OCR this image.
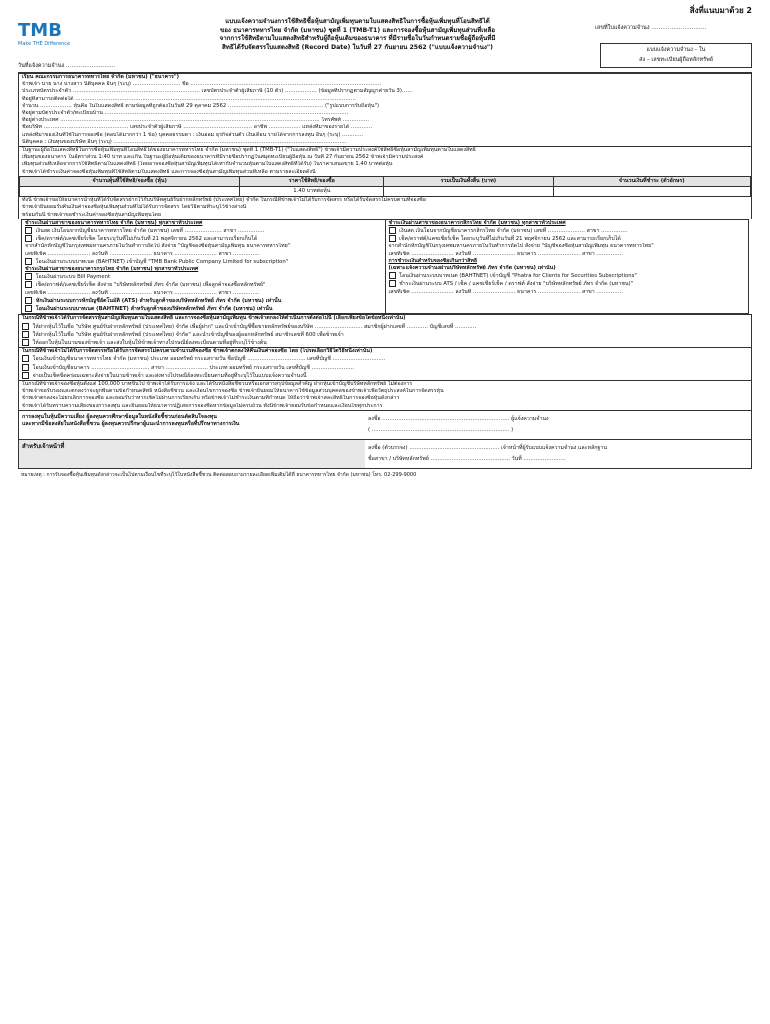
สิ่งที่แนบมาด้วย 2
TMB
Make THE Difference
วันที่แจ้งความจำนง ………………………
แบบแจ้งความจำนงการใช้สิทธิซื้อหุ้นสามัญเพิ่มทุนตามใบแสดงสิทธิในการซื้อหุ้นเพิ่มทุนที่โอนสิทธิได้
ของ ธนาคารทหารไทย จำกัด (มหาชน) ชุดที่ 1 (TMB-T1) และการจองซื้อหุ้นสามัญเพิ่มทุนส่วนที่เหลือ
จากการใช้สิทธิตามใบแสดงสิทธิสำหรับผู้ถือหุ้นเดิมของธนาคาร ที่มีรายชื่อในวันกำหนดรายชื่อผู้ถือหุ้นที่มี
สิทธิได้รับจัดสรรใบแสดงสิทธิ (Record Date) ในวันที่ 27 กันยายน 2562 ("แบบแจ้งความจำนง")
เลขที่ใบแจ้งความจำนง …………………………
แบบแจ้งความจำนง – ใน
ส่ง – เลขทะเบียนผู้ถือหลักทรัพย์
เรียน คณะกรรมการธนาคารทหารไทย จำกัด (มหาชน) ("ธนาคาร")
ข้าพเจ้า นาย นาง นางสาว นิติบุคคล อื่นๆ (ระบุ) ……………………… ชื่อ ………………………………………………………………………………………………
ประเภทบัตรประจำตัว ……………………………………………………………… เลขบัตรประจำตัวผู้เสียภาษี (10 ตัว) ……………… (ข้อมูลที่ปรากฏตามสัญญาค่ายวัน 3)……
ที่อยู่ที่สามารถติดต่อได้ ……………………………………………………………………………………………………………………………………………
จำนวน ……………… หุ้นคือ ในใบแสดงสิทธิ ตามข้อมูลที่ถูกต้องในวันที่ 29 ตุลาคม 2562 ……………………………………………… ("รูปแบบการรับถือหุ้น")
ที่อยู่ตามบัตรประจำตัว/ทะเบียนบ้าน …………………………………………………………………………………………………………………………
ที่อยู่ต่างประเทศ ………………………………………………………………………………………………………………………………… โทรศัพท์ ……………
ชื่อบริษัท ………………………………………… เลขประจำตัวผู้เสียภาษี ………………………………… อาชีพ ……………… แหล่งที่มาของรายได้ …………
แหล่งที่มาของเงินที่ใช้ในการจองซื้อ (ตอบได้มากกว่า 1 ข้อ) บุคคลธรรมดา : เงินออม ธุรกิจส่วนตัว เงินเดือน รายได้จากการลงทุน อื่นๆ (ระบุ) …………
นิติบุคคล : เงินทุนของบริษัท อื่นๆ (ระบุ) ……………………………………………………………………………………………………………………
ในฐานะผู้ถือใบแสดงสิทธิในการซื้อหุ้นเพิ่มทุนที่โอนสิทธิได้ของธนาคารทหารไทย จำกัด (มหาชน) ชุดที่ 1 (TMB-T1) ("ใบแสดงสิทธิ") ข้าพเจ้ามีความประสงค์ใช้สิทธิซื้อหุ้นสามัญเพิ่มทุนตามใบแสดงสิทธิ
เพิ่มทุนของธนาคาร ในอัตราส่วน 1:40 บาท และเกิน ในฐานะผู้ถือหุ้นเดิมของธนาคารที่มีรายชื่อปรากฏในสมุดทะเบียนผู้ถือหุ้น ณ วันที่ 27 กันยายน 2562 ข้าพเจ้ามีความประสงค์
เพิ่มทุนส่วนที่เหลือจากการใช้สิทธิตามใบแสดงสิทธิ (โดยอาจจองซื้อหุ้นสามัญเพิ่มทุนได้เท่ากับจำนวนหุ้นตามใบแสดงสิทธิที่ได้รับ) ในราคาเสนอขาย 1.40 บาทต่อหุ้น
ข้าพเจ้าได้ชำระเงินค่าจองซื้อหุ้นเพิ่มทุนที่ใช้สิทธิตามใบแสดงสิทธิ และการจองซื้อหุ้นสามัญเพิ่มทุนส่วนที่เหลือ ตามรายละเอียดดังนี้
จำนวนหุ้นที่ใช้สิทธิ/จองซื้อ (หุ้น)	ราคาใช้สิทธิ/จองซื้อ	รวมเป็นเงินทั้งสิ้น (บาท)	จำนวนเงินที่ชำระ (ตัวอักษร)
	1.40 บาทต่อหุ้น		
ทั้งนี้ ข้าพเจ้าขอให้ธนาคารนำหุ้นที่ได้รับจัดสรรฝากไว้กับบริษัทศูนย์รับฝากหลักทรัพย์ (ประเทศไทย) จำกัด ในกรณีที่ข้าพเจ้าไม่ได้รับการจัดสรร หรือได้รับจัดสรรไม่ครบตามที่จองซื้อ
ข้าพเจ้ายินยอมรับคืนเงินค่าจองซื้อหุ้นเพิ่มทุนส่วนที่ไม่ได้รับการจัดสรร โดยวิธีตามที่ระบุไว้ข้างล่างนี้
พร้อมกันนี้ ข้าพเจ้าขอชำระเงินค่าจองซื้อหุ้นสามัญเพิ่มทุนโดย
ชำระเงินผ่านสาขาของธนาคารทหารไทย จำกัด (มหาชน) ทุกสาขาทั่วประเทศ
เงินสด เงินโอนจากบัญชีธนาคารทหารไทย จำกัด (มหาชน) เลขที่ ………………… สาขา ……………
เช็ค/ดราฟต์/แคชเชียร์เช็ค โดยระบุวันที่ไม่เกินวันที่ 21 พฤศจิกายน 2562 และสามารถเรียกเก็บได้
จากสำนักหักบัญชีในกรุงเทพมหานครภายในวันทำการถัดไป สั่งจ่าย "บัญชีจองซื้อหุ้นสามัญเพิ่มทุน ธนาคารทหารไทย"
เลขที่เช็ค …………………… ลงวันที่ …………………… ธนาคาร …………………… สาขา ……………
โอนเงินผ่านระบบบาทเนต (BAHTNET) เข้าบัญชี "TMB Bank Public Company Limited for subscription"
ชำระเงินผ่านสาขาของธนาคารกรุงไทย จำกัด (มหาชน) ทุกสาขาทั่วประเทศ
โอนเงินผ่านระบบ Bill Payment
เช็ค/ดราฟต์/แคชเชียร์เช็ค สั่งจ่าย "บริษัทหลักทรัพย์ ภัทร จำกัด (มหาชน) เพื่อลูกค้าจองซื้อหลักทรัพย์"
เลขที่เช็ค …………………… ลงวันที่ …………………… ธนาคาร …………………… สาขา ……………
หักเงินผ่านระบบการหักบัญชีอัตโนมัติ (ATS) สำหรับลูกค้าของบริษัทหลักทรัพย์ ภัทร จำกัด (มหาชน) เท่านั้น
โอนเงินผ่านระบบบาทเนต (BAHTNET) สำหรับลูกค้าของบริษัทหลักทรัพย์ ภัทร จำกัด (มหาชน) เท่านั้น
ชำระเงินผ่านสาขาของธนาคารกสิกรไทย จำกัด (มหาชน) ทุกสาขาทั่วประเทศ
เงินสด เงินโอนจากบัญชีธนาคารกสิกรไทย จำกัด (มหาชน) เลขที่ ………………… สาขา ……………
เช็ค/ดราฟต์/แคชเชียร์เช็ค โดยระบุวันที่ไม่เกินวันที่ 21 พฤศจิกายน 2562 และสามารถเรียกเก็บได้
จากสำนักหักบัญชีในกรุงเทพมหานครภายในวันทำการถัดไป สั่งจ่าย "บัญชีจองซื้อหุ้นสามัญเพิ่มทุน ธนาคารทหารไทย"
เลขที่เช็ค …………………… ลงวันที่ …………………… ธนาคาร …………………… สาขา ……………
การชำระเงินสำหรับจองซื้อเกินกว่าสิทธิ
(เฉพาะแจ้งความจำนงผ่านบริษัทหลักทรัพย์ ภัทร จำกัด (มหาชน) เท่านั้น)
โอนเงินผ่านระบบบาทเนต (BAHTNET) เข้าบัญชี "Phatra for Clients for Securities Subscriptions"
ชำระเงินผ่านระบบ ATS / เช็ค / แคชเชียร์เช็ค / ดราฟต์ สั่งจ่าย "บริษัทหลักทรัพย์ ภัทร จำกัด (มหาชน)"
เลขที่เช็ค …………………… ลงวันที่ …………………… ธนาคาร …………………… สาขา ……………
ในกรณีที่ข้าพเจ้าได้รับการจัดสรรหุ้นสามัญเพิ่มทุนตามใบแสดงสิทธิ และการจองซื้อหุ้นสามัญเพิ่มทุน ข้าพเจ้าตกลงให้ดำเนินการดังต่อไปนี้ (เลือกเพียงข้อใดข้อหนึ่งเท่านั้น)
ให้ฝากหุ้นไว้ในชื่อ "บริษัท ศูนย์รับฝากหลักทรัพย์ (ประเทศไทย) จำกัด เพื่อผู้ฝาก" และนำเข้าบัญชีซื้อขายหลักทรัพย์ของบริษัท ……………………… สมาชิกผู้ฝากเลขที่ ………… บัญชีเลขที่ …………
ให้ฝากหุ้นไว้ในชื่อ "บริษัท ศูนย์รับฝากหลักทรัพย์ (ประเทศไทย) จำกัด" และนำเข้าบัญชีของผู้ออกหลักทรัพย์ สมาชิกเลขที่ 600 เพื่อข้าพเจ้า
ให้ออกใบหุ้นในนามของข้าพเจ้า และส่งใบหุ้นให้ข้าพเจ้าทางไปรษณีย์ลงทะเบียนตามที่อยู่ที่ระบุไว้ข้างต้น
ในกรณีที่ข้าพเจ้าไม่ได้รับการจัดสรรหรือได้รับการจัดสรรไม่ครบตามจำนวนที่จองซื้อ ข้าพเจ้าตกลงให้คืนเงินค่าจองซื้อ โดย (โปรดเลือกวิธีใดวิธีหนึ่งเท่านั้น)
โอนเงินเข้าบัญชีธนาคารทหารไทย จำกัด (มหาชน) ประเภท ออมทรัพย์ กระแสรายวัน ชื่อบัญชี …………………………… เลขที่บัญชี …………………………
โอนเงินเข้าบัญชีธนาคาร …………………………… สาขา …………………… ประเภท ออมทรัพย์ กระแสรายวัน เลขที่บัญชี ……………………
จ่ายเป็นเช็คขีดคร่อมเฉพาะสั่งจ่ายในนามข้าพเจ้า และส่งทางไปรษณีย์ลงทะเบียนตามที่อยู่ที่ระบุไว้ในแบบแจ้งความจำนงนี้
ในกรณีที่ข้าพเจ้าจองซื้อหุ้นตั้งแต่ 100,000 บาทขึ้นไป ข้าพเจ้าได้รับการแจ้ง และได้รับหนังสือชี้ชวนหรือเอกสารสรุปข้อมูลสำคัญ ฝากหุ้นเข้าบัญชีบริษัทหลักทรัพย์ ไม่ต้องการ
ข้าพเจ้าขอรับรองและตกลงว่าจะผูกพันตามข้อกำหนดสิทธิ หนังสือชี้ชวน และเงื่อนไขการจองซื้อ ข้าพเจ้ายินยอมให้ธนาคารใช้ข้อมูลส่วนบุคคลของข้าพเจ้าเพื่อวัตถุประสงค์ในการจัดสรรหุ้น
ข้าพเจ้าตกลงจะไม่ยกเลิกการจองซื้อ และยอมรับว่าหากเช็คไม่ผ่านการเรียกเก็บ หรือข้าพเจ้าไม่ชำระเงินตามที่กำหนด ให้ถือว่าข้าพเจ้าสละสิทธิในการจองซื้อหุ้นดังกล่าว
ข้าพเจ้าได้รับทราบความเสี่ยงของการลงทุน และยินยอมให้ธนาคารปฏิเสธการจองซื้อหากข้อมูลไม่ครบถ้วน ทั้งนี้ข้าพเจ้ายอมรับข้อกำหนดและเงื่อนไขทุกประการ
การลงทุนในหุ้นมีความเสี่ยง ผู้ลงทุนควรศึกษาข้อมูลในหนังสือชี้ชวนก่อนตัดสินใจลงทุน
และหากมีข้อสงสัยในหนังสือชี้ชวน ผู้ลงทุนควรปรึกษาผู้แนะนำการลงทุนหรือที่ปรึกษาทางการเงิน
ลงชื่อ ……………………………………………………………… ผู้แจ้งความจำนง
( …………………………………………………………………… )
สำหรับเจ้าหน้าที่	ลงชื่อ (ตัวบรรจง) …………………………………………… เจ้าหน้าที่ผู้รับแบบแจ้งความจำนง และหลักฐาน
ชื่อสาขา / บริษัทหลักทรัพย์ ……………………………………… วันที่ ……………………
หมายเหตุ : การรับจองซื้อหุ้นเพิ่มทุนดังกล่าวจะเป็นไปตามเงื่อนไขที่ระบุไว้ในหนังสือชี้ชวน ติดต่อสอบถามรายละเอียดเพิ่มเติมได้ที่ ธนาคารทหารไทย จำกัด (มหาชน) โทร. 02-299-9000
